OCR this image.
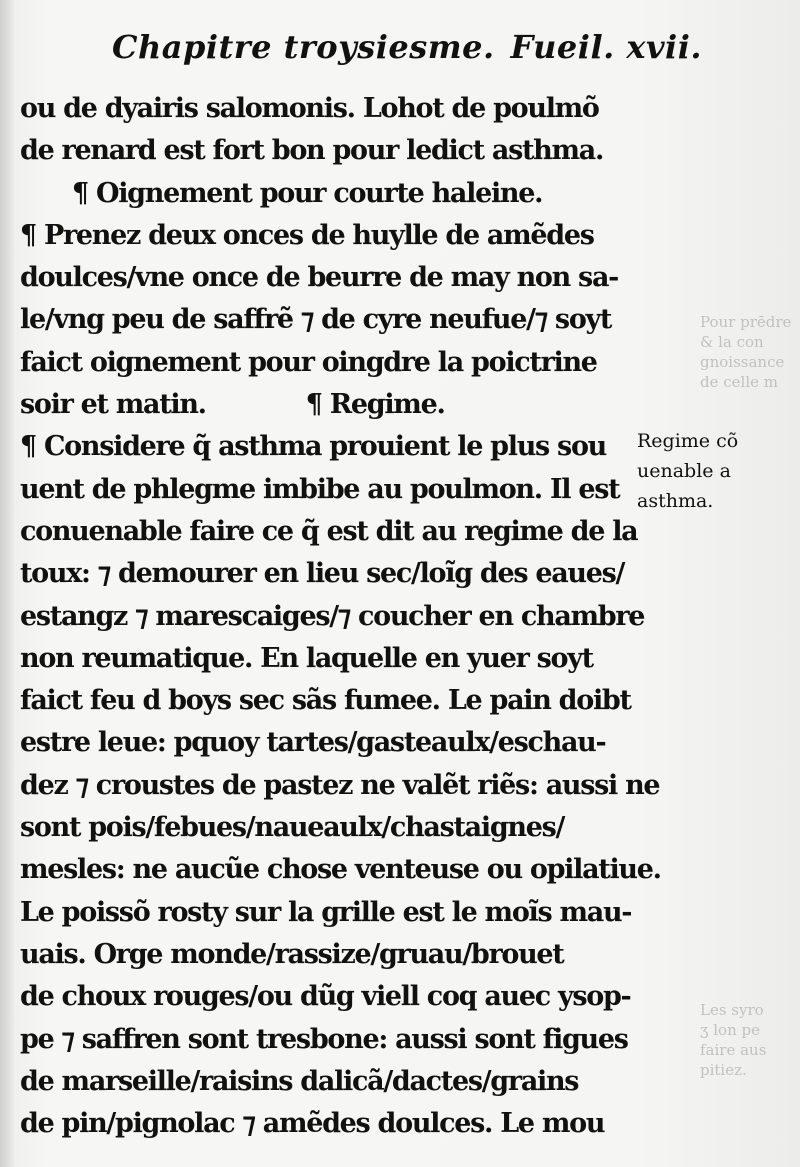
Pour prēdre
& la con
gnoissance
de celle m
Les syro
ʒ lon pe
faire aus
pitiez.
Chapitre troysiesme. Fueil. xvii.
ou de dyairis salomonis. Lohot de poulmõ
de renard est fort bon pour ledict asthma.
¶ Oignement pour courte haleine.
¶ Prenez deux onces de huylle de amẽdes
doulces/vne once de beurre de may non sa-
le/vng peu de saffrẽ ⁊ de cyre neufue/⁊ soyt
faict oignement pour oingdre la poictrine
soir et matin.	¶ Regime.
¶ Considere q̃ asthma prouient le plus sou
uent de phlegme imbibe au poulmon. Il est
conuenable faire ce q̃ est dit au regime de la
toux: ⁊ demourer en lieu sec/loĩg des eaues/
estangz ⁊ marescaiges/⁊ coucher en chambre
non reumatique. En laquelle en yuer soyt
faict feu d boys sec sãs fumee. Le pain doibt
estre leue: pquoy tartes/gasteaulx/eschau-
dez ⁊ croustes de pastez ne valẽt riẽs: aussi ne
sont pois/febues/naueaulx/chastaignes/
mesles: ne aucũe chose venteuse ou opilatiue.
Le poissõ rosty sur la grille est le moĩs mau-
uais. Orge monde/rassize/gruau/brouet
de choux rouges/ou dũg viell coq auec ysop-
pe ⁊ saffren sont tresbone: aussi sont figues
de marseille/raisins dalicã/dactes/grains
de pin/pignolac ⁊ amẽdes doulces. Le mou
Regime cõ
uenable a
asthma.
